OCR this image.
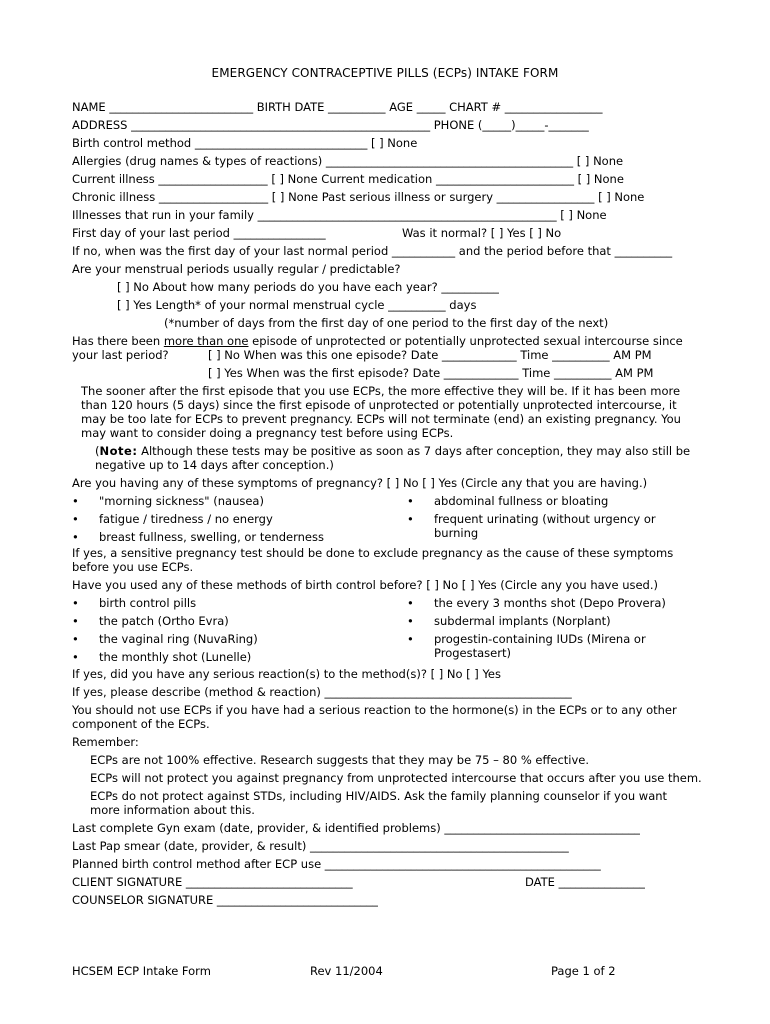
EMERGENCY CONTRACEPTIVE PILLS (ECPs) INTAKE FORM
NAME _________________________ BIRTH DATE __________ AGE _____ CHART # _________________
ADDRESS ____________________________________________________ PHONE (_____)_____-_______
Birth control method ______________________________ [ ] None
Allergies (drug names & types of reactions) ___________________________________________ [ ] None
Current illness ___________________ [ ] None Current medication ________________________ [ ] None
Chronic illness ___________________ [ ] None Past serious illness or surgery _________________ [ ] None
Illnesses that run in your family ____________________________________________________ [ ] None
First day of your last period ________________	Was it normal? [ ] Yes [ ] No
If no, when was the first day of your last normal period ___________ and the period before that __________
Are your menstrual periods usually regular / predictable?
[ ] No About how many periods do you have each year? __________
[ ] Yes Length* of your normal menstrual cycle __________ days
(*number of days from the first day of one period to the first day of the next)
Has there been more than one episode of unprotected or potentially unprotected sexual intercourse since
your last period?	[ ] No When was this one episode? Date _____________ Time __________ AM PM
[ ] Yes When was the first episode? Date _____________ Time __________ AM PM
The sooner after the first episode that you use ECPs, the more effective they will be. If it has been more than 120 hours (5 days) since the first episode of unprotected or potentially unprotected intercourse, it may be too late for ECPs to prevent pregnancy. ECPs will not terminate (end) an existing pregnancy. You may want to consider doing a pregnancy test before using ECPs.
(Note: Although these tests may be positive as soon as 7 days after conception, they may also still be negative up to 14 days after conception.)
Are you having any of these symptoms of pregnancy? [ ] No [ ] Yes (Circle any that you are having.)
• "morning sickness" (nausea)
• fatigue / tiredness / no energy
• breast fullness, swelling, or tenderness
• abdominal fullness or bloating
• frequent urinating (without urgency or burning
If yes, a sensitive pregnancy test should be done to exclude pregnancy as the cause of these symptoms before you use ECPs.
Have you used any of these methods of birth control before? [ ] No [ ] Yes (Circle any you have used.)
• birth control pills
• the patch (Ortho Evra)
• the vaginal ring (NuvaRing)
• the monthly shot (Lunelle)
• the every 3 months shot (Depo Provera)
• subdermal implants (Norplant)
• progestin-containing IUDs (Mirena or Progestasert)
If yes, did you have any serious reaction(s) to the method(s)? [ ] No [ ] Yes
If yes, please describe (method & reaction) ___________________________________________
You should not use ECPs if you have had a serious reaction to the hormone(s) in the ECPs or to any other component of the ECPs.
Remember:
ECPs are not 100% effective. Research suggests that they may be 75 – 80 % effective.
ECPs will not protect you against pregnancy from unprotected intercourse that occurs after you use them.
ECPs do not protect against STDs, including HIV/AIDS. Ask the family planning counselor if you want more information about this.
Last complete Gyn exam (date, provider, & identified problems) __________________________________
Last Pap smear (date, provider, & result) _____________________________________________
Planned birth control method after ECP use ________________________________________________
CLIENT SIGNATURE _____________________________	DATE _______________
COUNSELOR SIGNATURE ____________________________
HCSEM ECP Intake Form	Rev 11/2004	Page 1 of 2
